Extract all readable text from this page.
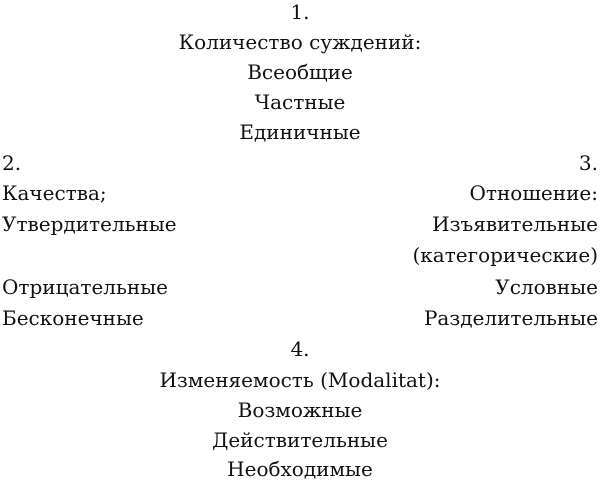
1.
Количество суждений:
Всеобщие
Частные
Единичные
2.
Качества;
Утвердительные
Отрицательные
Бесконечные
3.
Отношение:
Изъявительные
(категорические)
Условные
Разделительные
4.
Изменяемость (Modalitat):
Возможные
Действительные
Необходимые
